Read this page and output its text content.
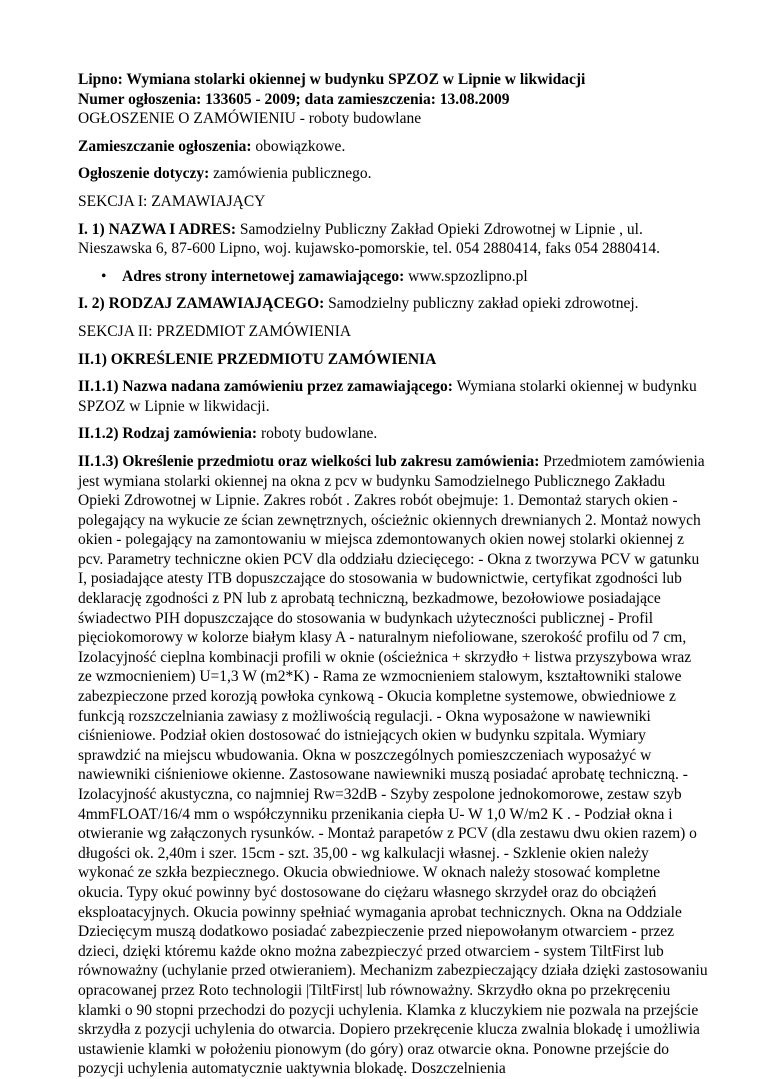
Lipno: Wymiana stolarki okiennej w budynku SPZOZ w Lipnie w likwidacji
Numer ogłoszenia: 133605 - 2009; data zamieszczenia: 13.08.2009
OGŁOSZENIE O ZAMÓWIENIU - roboty budowlane

Zamieszczanie ogłoszenia: obowiązkowe.

Ogłoszenie dotyczy: zamówienia publicznego.

SEKCJA I: ZAMAWIAJĄCY

I. 1) NAZWA I ADRES: Samodzielny Publiczny Zakład Opieki Zdrowotnej w Lipnie , ul. Nieszawska 6, 87-600 Lipno, woj. kujawsko-pomorskie, tel. 054 2880414, faks 054 2880414.

• Adres strony internetowej zamawiającego: www.spzozlipno.pl

I. 2) RODZAJ ZAMAWIAJĄCEGO: Samodzielny publiczny zakład opieki zdrowotnej.

SEKCJA II: PRZEDMIOT ZAMÓWIENIA

II.1) OKREŚLENIE PRZEDMIOTU ZAMÓWIENIA

II.1.1) Nazwa nadana zamówieniu przez zamawiającego: Wymiana stolarki okiennej w budynku SPZOZ w Lipnie w likwidacji.

II.1.2) Rodzaj zamówienia: roboty budowlane.

II.1.3) Określenie przedmiotu oraz wielkości lub zakresu zamówienia: Przedmiotem zamówienia jest wymiana stolarki okiennej na okna z pcv w budynku Samodzielnego Publicznego Zakładu Opieki Zdrowotnej w Lipnie. Zakres robót . Zakres robót obejmuje: 1. Demontaż starych okien - polegający na wykucie ze ścian zewnętrznych, ościeżnic okiennych drewnianych 2. Montaż nowych okien - polegający na zamontowaniu w miejsca zdemontowanych okien nowej stolarki okiennej z pcv. Parametry techniczne okien PCV dla oddziału dziecięcego: - Okna z tworzywa PCV w gatunku I, posiadające atesty ITB dopuszczające do stosowania w budownictwie, certyfikat zgodności lub deklarację zgodności z PN lub z aprobatą techniczną, bezkadmowe, bezołowiowe posiadające świadectwo PIH dopuszczające do stosowania w budynkach użyteczności publicznej - Profil pięciokomorowy w kolorze białym klasy A - naturalnym niefoliowane, szerokość profilu od 7 cm, Izolacyjność cieplna kombinacji profili w oknie (ościeżnica + skrzydło + listwa przyszybowa wraz ze wzmocnieniem) U=1,3 W (m2*K) - Rama ze wzmocnieniem stalowym, kształtowniki stalowe zabezpieczone przed korozją powłoka cynkową - Okucia kompletne systemowe, obwiedniowe z funkcją rozszczelniania zawiasy z możliwością regulacji. - Okna wyposażone w nawiewniki ciśnieniowe. Podział okien dostosować do istniejących okien w budynku szpitala. Wymiary sprawdzić na miejscu wbudowania. Okna w poszczególnych pomieszczeniach wyposażyć w nawiewniki ciśnieniowe okienne. Zastosowane nawiewniki muszą posiadać aprobatę techniczną. - Izolacyjność akustyczna, co najmniej Rw=32dB - Szyby zespolone jednokomorowe, zestaw szyb 4mmFLOAT/16/4 mm o współczynniku przenikania ciepła U- W 1,0 W/m2 K . - Podział okna i otwieranie wg załączonych rysunków. - Montaż parapetów z PCV (dla zestawu dwu okien razem) o długości ok. 2,40m i szer. 15cm - szt. 35,00 - wg kalkulacji własnej. - Szklenie okien należy wykonać ze szkła bezpiecznego. Okucia obwiedniowe. W oknach należy stosować kompletne okucia. Typy okuć powinny być dostosowane do ciężaru własnego skrzydeł oraz do obciążeń eksploatacyjnych. Okucia powinny spełniać wymagania aprobat technicznych. Okna na Oddziale Dziecięcym muszą dodatkowo posiadać zabezpieczenie przed niepowołanym otwarciem - przez dzieci, dzięki któremu każde okno można zabezpieczyć przed otwarciem - system TiltFirst lub równoważny (uchylanie przed otwieraniem). Mechanizm zabezpieczający działa dzięki zastosowaniu opracowanej przez Roto technologii |TiltFirst| lub równoważny. Skrzydło okna po przekręceniu klamki o 90 stopni przechodzi do pozycji uchylenia. Klamka z kluczykiem nie pozwala na przejście skrzydła z pozycji uchylenia do otwarcia. Dopiero przekręcenie klucza zwalnia blokadę i umożliwia ustawienie klamki w położeniu pionowym (do góry) oraz otwarcie okna. Ponowne przejście do pozycji uchylenia automatycznie uaktywnia blokadę. Doszczelnienia
